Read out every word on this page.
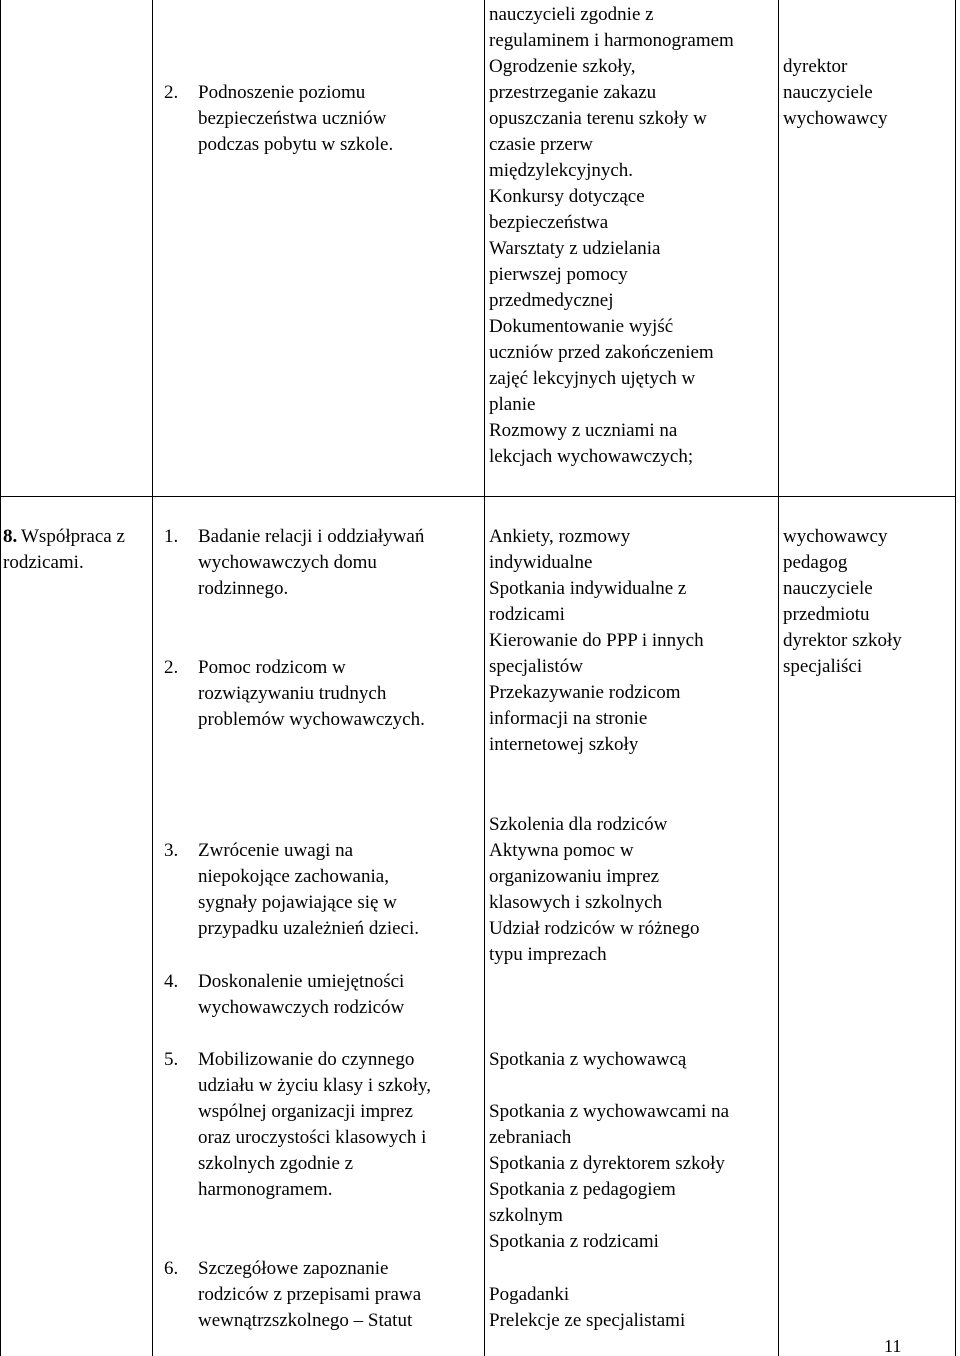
2. Podnoszenie poziomu
bezpieczeństwa uczniów
podczas pobytu w szkole.
nauczycieli zgodnie z
regulaminem i harmonogramem
Ogrodzenie szkoły,
przestrzeganie zakazu
opuszczania terenu szkoły w
czasie przerw
międzylekcyjnych.
Konkursy dotyczące
bezpieczeństwa
Warsztaty z udzielania
pierwszej pomocy
przedmedycznej
Dokumentowanie wyjść
uczniów przed zakończeniem
zajęć lekcyjnych ujętych w
planie
Rozmowy z uczniami na
lekcjach wychowawczych;
dyrektor
nauczyciele
wychowawcy
8. Współpraca z
rodzicami.
1. Badanie relacji i oddziaływań
wychowawczych domu
rodzinnego.
2. Pomoc rodzicom w
rozwiązywaniu trudnych
problemów wychowawczych.
3. Zwrócenie uwagi na
niepokojące zachowania,
sygnały pojawiające się w
przypadku uzależnień dzieci.
4. Doskonalenie umiejętności
wychowawczych rodziców
5. Mobilizowanie do czynnego
udziału w życiu klasy i szkoły,
wspólnej organizacji imprez
oraz uroczystości klasowych i
szkolnych zgodnie z
harmonogramem.
6. Szczegółowe zapoznanie
rodziców z przepisami prawa
wewnątrzszkolnego – Statut
Ankiety, rozmowy
indywidualne
Spotkania indywidualne z
rodzicami
Kierowanie do PPP i innych
specjalistów
Przekazywanie rodzicom
informacji na stronie
internetowej szkoły
Szkolenia dla rodziców
Aktywna pomoc w
organizowaniu imprez
klasowych i szkolnych
Udział rodziców w różnego
typu imprezach
Spotkania z wychowawcą
Spotkania z wychowawcami na
zebraniach
Spotkania z dyrektorem szkoły
Spotkania z pedagogiem
szkolnym
Spotkania z rodzicami
Pogadanki
Prelekcje ze specjalistami
wychowawcy
pedagog
nauczyciele
przedmiotu
dyrektor szkoły
specjaliści
11
